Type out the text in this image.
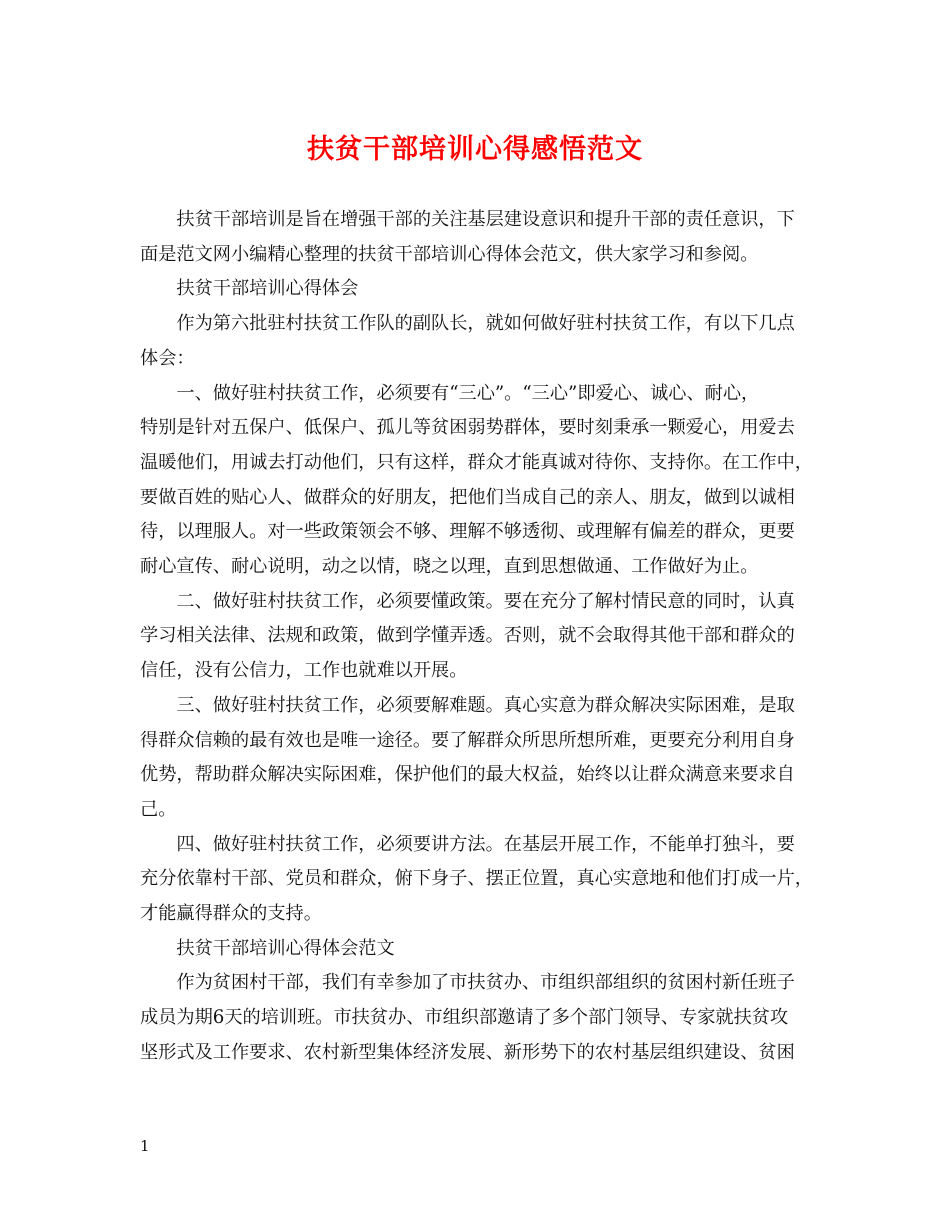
扶贫干部培训心得感悟范文

扶贫干部培训是旨在增强干部的关注基层建设意识和提升干部的责任意识，下
面是范文网小编精心整理的扶贫干部培训心得体会范文，供大家学习和参阅。

扶贫干部培训心得体会

作为第六批驻村扶贫工作队的副队长，就如何做好驻村扶贫工作，有以下几点
体会：

一、做好驻村扶贫工作，必须要有“三心”。“三心”即爱心、诚心、耐心，
特别是针对五保户、低保户、孤儿等贫困弱势群体，要时刻秉承一颗爱心，用爱去
温暖他们，用诚去打动他们，只有这样，群众才能真诚对待你、支持你。在工作中，
要做百姓的贴心人、做群众的好朋友，把他们当成自己的亲人、朋友，做到以诚相
待，以理服人。对一些政策领会不够、理解不够透彻、或理解有偏差的群众，更要
耐心宣传、耐心说明，动之以情，晓之以理，直到思想做通、工作做好为止。

二、做好驻村扶贫工作，必须要懂政策。要在充分了解村情民意的同时，认真
学习相关法律、法规和政策，做到学懂弄透。否则，就不会取得其他干部和群众的
信任，没有公信力，工作也就难以开展。

三、做好驻村扶贫工作，必须要解难题。真心实意为群众解决实际困难，是取
得群众信赖的最有效也是唯一途径。要了解群众所思所想所难，更要充分利用自身
优势，帮助群众解决实际困难，保护他们的最大权益，始终以让群众满意来要求自
己。

四、做好驻村扶贫工作，必须要讲方法。在基层开展工作，不能单打独斗，要
充分依靠村干部、党员和群众，俯下身子、摆正位置，真心实意地和他们打成一片，
才能赢得群众的支持。

扶贫干部培训心得体会范文

作为贫困村干部，我们有幸参加了市扶贫办、市组织部组织的贫困村新任班子
成员为期6天的培训班。市扶贫办、市组织部邀请了多个部门领导、专家就扶贫攻
坚形式及工作要求、农村新型集体经济发展、新形势下的农村基层组织建设、贫困

1
